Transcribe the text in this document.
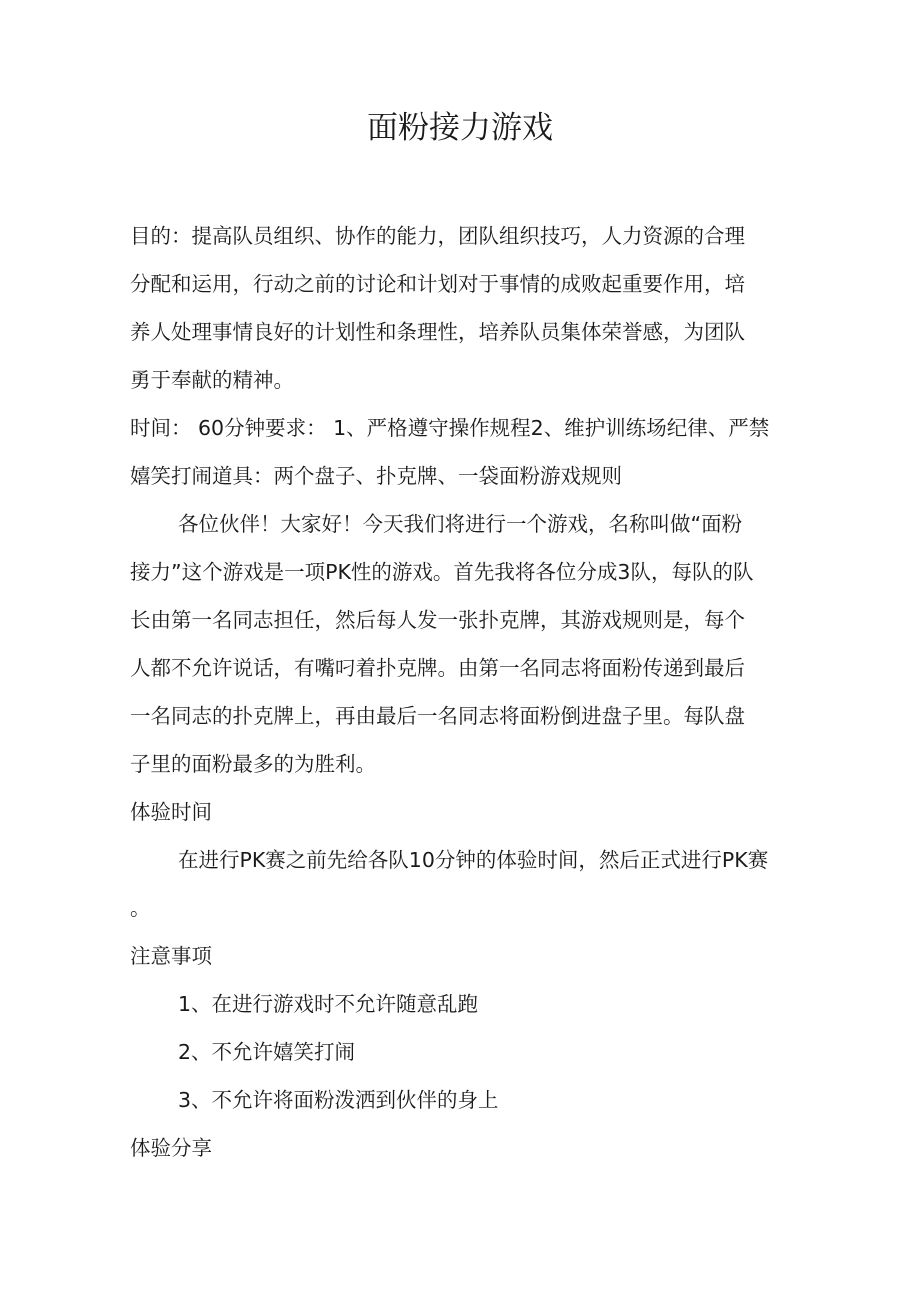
面粉接力游戏
目的：提高队员组织、协作的能力，团队组织技巧，人力资源的合理
分配和运用，行动之前的讨论和计划对于事情的成败起重要作用，培
养人处理事情良好的计划性和条理性，培养队员集体荣誉感，为团队
勇于奉献的精神。
时间： 60分钟要求： 1、严格遵守操作规程2、维护训练场纪律、严禁
嬉笑打闹道具：两个盘子、扑克牌、一袋面粉游戏规则
各位伙伴！大家好！今天我们将进行一个游戏，名称叫做“面粉
接力”这个游戏是一项PK性的游戏。首先我将各位分成3队，每队的队
长由第一名同志担任，然后每人发一张扑克牌，其游戏规则是，每个
人都不允许说话，有嘴叼着扑克牌。由第一名同志将面粉传递到最后
一名同志的扑克牌上，再由最后一名同志将面粉倒进盘子里。每队盘
子里的面粉最多的为胜利。
体验时间
在进行PK赛之前先给各队10分钟的体验时间，然后正式进行PK赛
。
注意事项
1、在进行游戏时不允许随意乱跑
2、不允许嬉笑打闹
3、不允许将面粉泼洒到伙伴的身上
体验分享
